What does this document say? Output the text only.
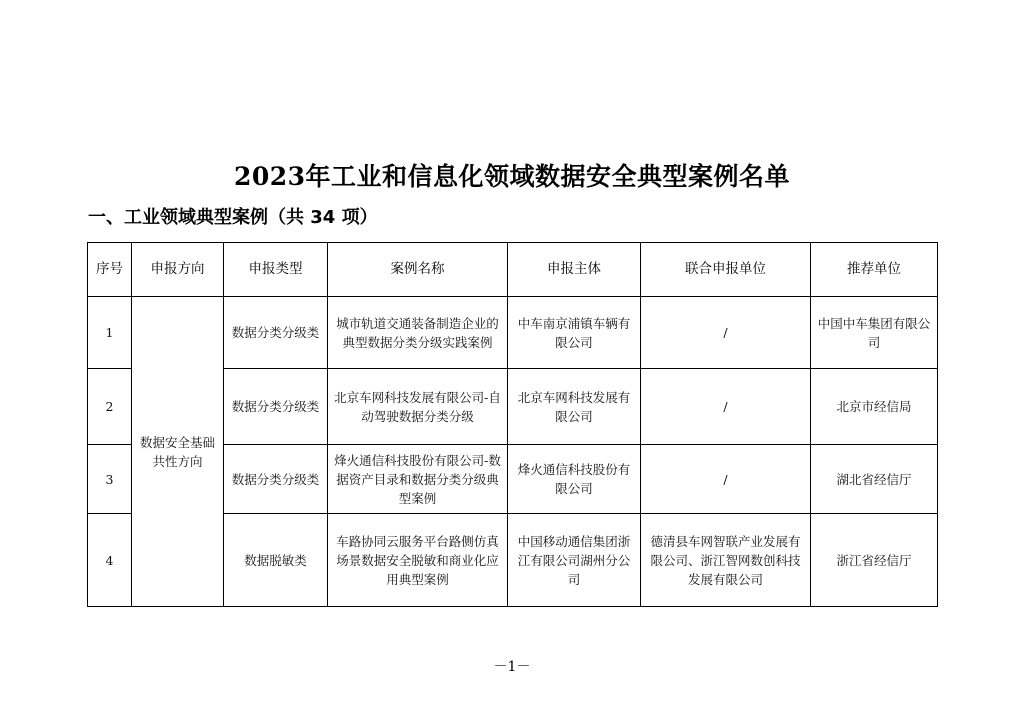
2023年工业和信息化领域数据安全典型案例名单
一、工业领域典型案例（共 34 项）
序号	申报方向	申报类型	案例名称	申报主体	联合申报单位	推荐单位
1	数据安全基础共性方向	数据分类分级类	城市轨道交通装备制造企业的典型数据分类分级实践案例	中车南京浦镇车辆有限公司	/	中国中车集团有限公司
2		数据分类分级类	北京车网科技发展有限公司-自动驾驶数据分类分级	北京车网科技发展有限公司	/	北京市经信局
3		数据分类分级类	烽火通信科技股份有限公司-数据资产目录和数据分类分级典型案例	烽火通信科技股份有限公司	/	湖北省经信厅
4		数据脱敏类	车路协同云服务平台路侧仿真场景数据安全脱敏和商业化应用典型案例	中国移动通信集团浙江有限公司湖州分公司	德清县车网智联产业发展有限公司、浙江智网数创科技发展有限公司	浙江省经信厅
－1－
